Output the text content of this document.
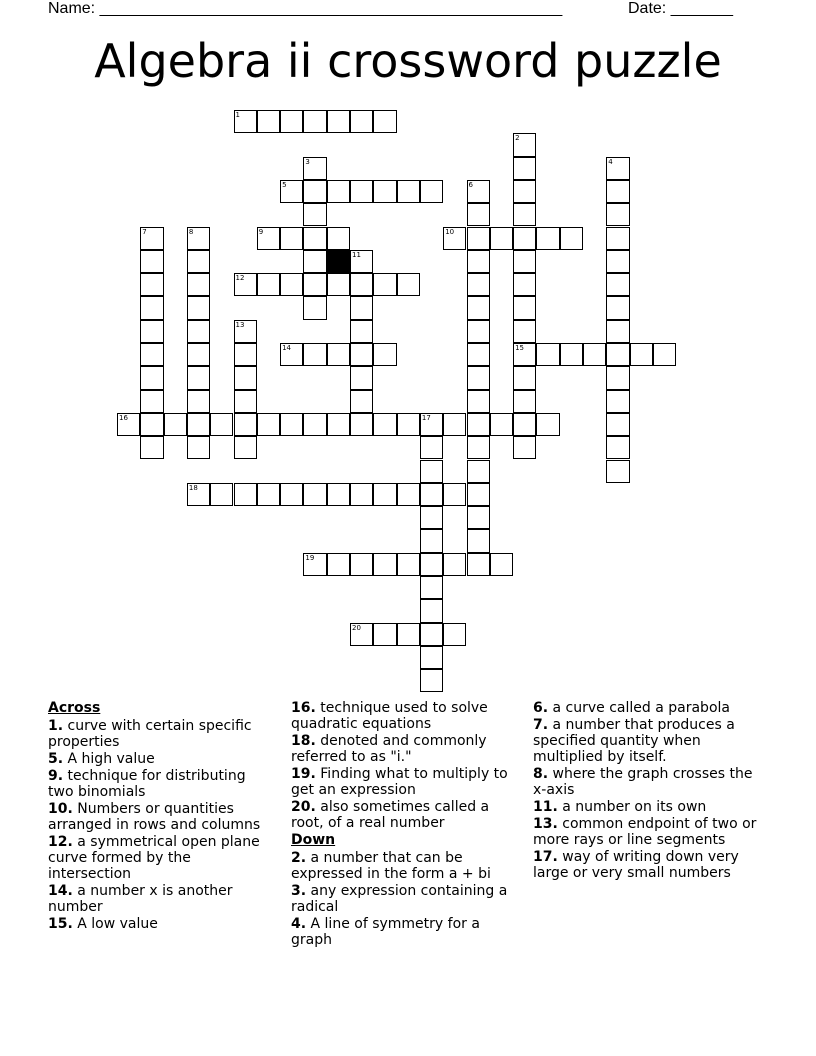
Name: ____________________________________________________	Date: _______
Algebra ii crossword puzzle
1
2
15
3	4
5	6
7	8	9	10
11
12
13
14
16	17
18
19
20
Across
1. curve with certain specific properties
5. A high value
9. technique for distributing two binomials
10. Numbers or quantities arranged in rows and columns
12. a symmetrical open plane curve formed by the intersection
14. a number x is another number
15. A low value
16. technique used to solve quadratic equations
18. denoted and commonly referred to as "i."
19. Finding what to multiply to get an expression
20. also sometimes called a root, of a real number
Down
2. a number that can be expressed in the form a + bi
3. any expression containing a radical
4. A line of symmetry for a graph
6. a curve called a parabola
7. a number that produces a specified quantity when multiplied by itself.
8. where the graph crosses the x-axis
11. a number on its own
13. common endpoint of two or more rays or line segments
17. way of writing down very large or very small numbers
